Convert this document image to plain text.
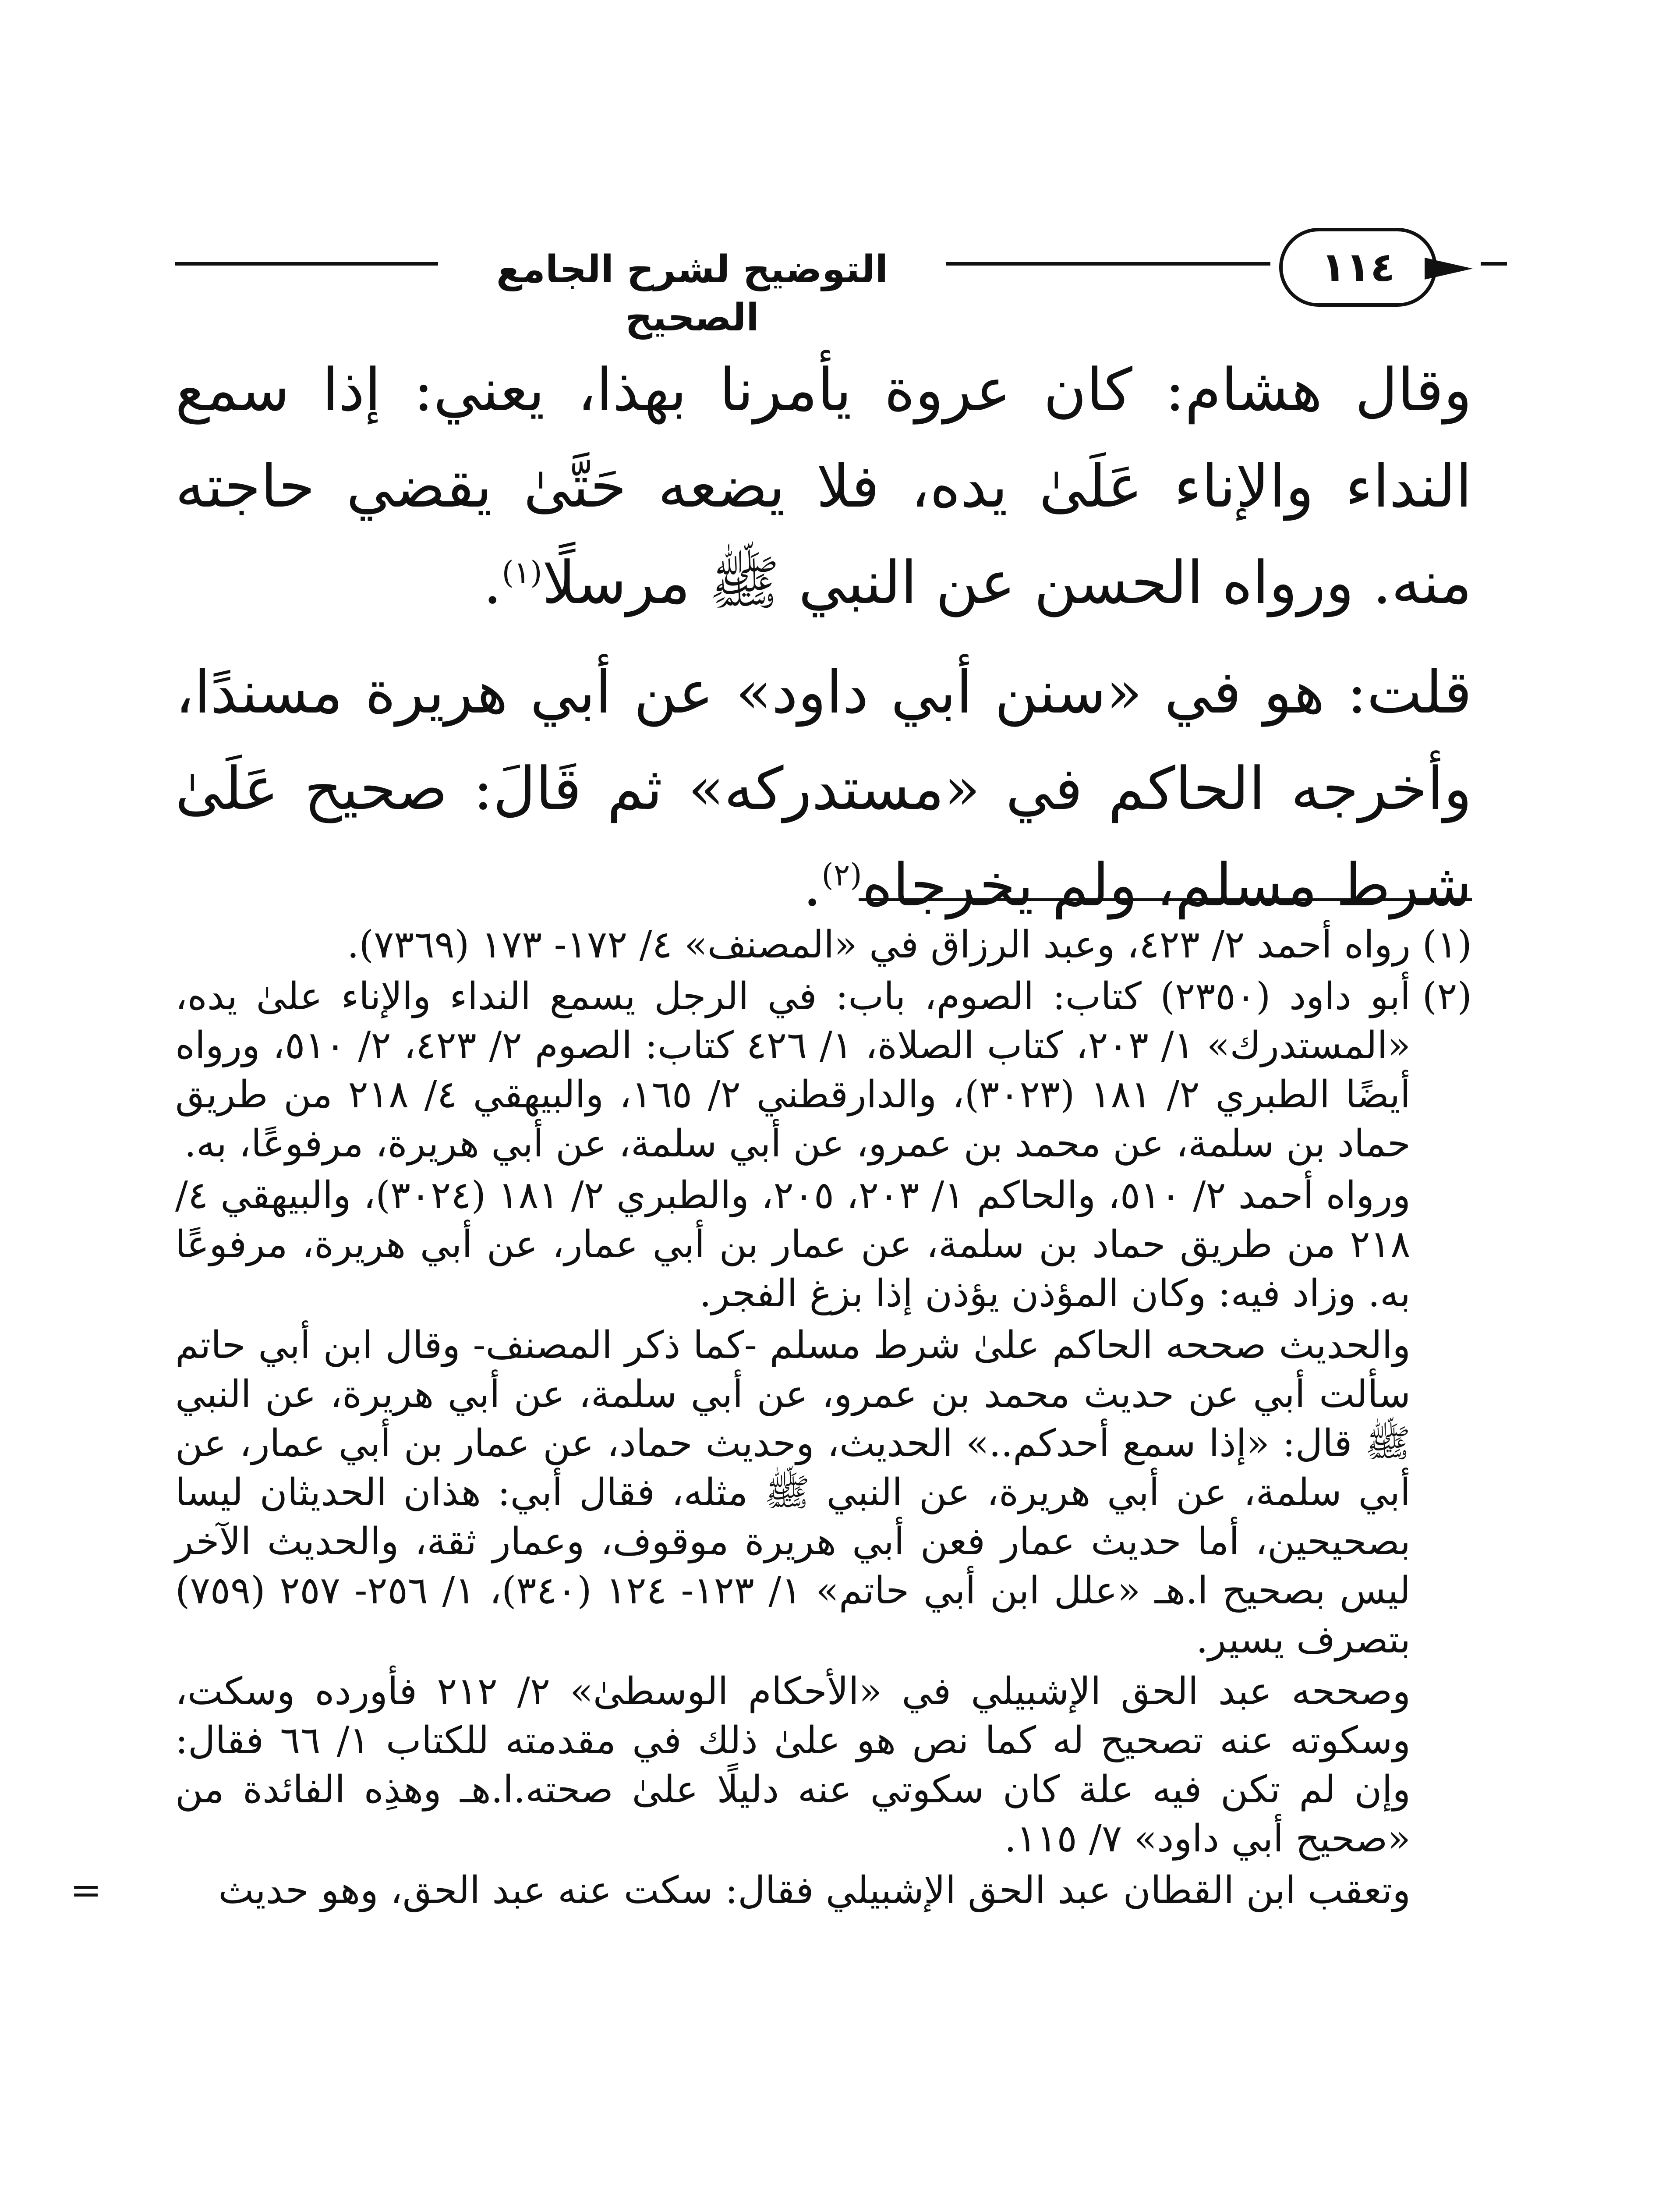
التوضيح لشرح الجامع الصحيح
١١٤

وقال هشام: كان عروة يأمرنا بهذا، يعني: إذا سمع النداء والإناء عَلَىٰ يده، فلا يضعه حَتَّىٰ يقضي حاجته منه. ورواه الحسن عن النبي ﷺ مرسلًا$^{(١)}$.

قلت: هو في «سنن أبي داود» عن أبي هريرة مسندًا، وأخرجه الحاكم في «مستدركه» ثم قَالَ: صحيح عَلَىٰ شرط مسلم، ولم يخرجاه$^{(٢)}$.

(١)

رواه أحمد ٢/ ٤٢٣، وعبد الرزاق في «المصنف» ٤/ ١٧٢- ١٧٣ (٧٣٦٩).

(٢)

أبو داود (٢٣٥٠) كتاب: الصوم، باب: في الرجل يسمع النداء والإناء علىٰ يده، «المستدرك» ١/ ٢٠٣، كتاب الصلاة، ١/ ٤٢٦ كتاب: الصوم ٢/ ٤٢٣، ٢/ ٥١٠، ورواه أيضًا الطبري ٢/ ١٨١ (٣٠٢٣)، والدارقطني ٢/ ١٦٥، والبيهقي ٤/ ٢١٨ من طريق حماد بن سلمة، عن محمد بن عمرو، عن أبي سلمة، عن أبي هريرة، مرفوعًا، به.

ورواه أحمد ٢/ ٥١٠، والحاكم ١/ ٢٠٣، ٢٠٥، والطبري ٢/ ١٨١ (٣٠٢٤)، والبيهقي ٤/ ٢١٨ من طريق حماد بن سلمة، عن عمار بن أبي عمار، عن أبي هريرة، مرفوعًا به. وزاد فيه: وكان المؤذن يؤذن إذا بزغ الفجر.

والحديث صححه الحاكم علىٰ شرط مسلم -كما ذكر المصنف- وقال ابن أبي حاتم سألت أبي عن حديث محمد بن عمرو، عن أبي سلمة، عن أبي هريرة، عن النبي ﷺ قال: «إذا سمع أحدكم..» الحديث، وحديث حماد، عن عمار بن أبي عمار، عن أبي سلمة، عن أبي هريرة، عن النبي ﷺ مثله، فقال أبي: هذان الحديثان ليسا بصحيحين، أما حديث عمار فعن أبي هريرة موقوف، وعمار ثقة، والحديث الآخر ليس بصحيح ا.هـ «علل ابن أبي حاتم» ١/ ١٢٣- ١٢٤ (٣٤٠)، ١/ ٢٥٦- ٢٥٧ (٧٥٩) بتصرف يسير.

وصححه عبد الحق الإشبيلي في «الأحكام الوسطىٰ» ٢/ ٢١٢ فأورده وسكت، وسكوته عنه تصحيح له كما نص هو علىٰ ذلك في مقدمته للكتاب ١/ ٦٦ فقال: وإن لم تكن فيه علة كان سكوتي عنه دليلًا علىٰ صحته.ا.هـ وهذِه الفائدة من «صحيح أبي داود» ٧/ ١١٥.

وتعقب ابن القطان عبد الحق الإشبيلي فقال: سكت عنه عبد الحق، وهو حديث
=
